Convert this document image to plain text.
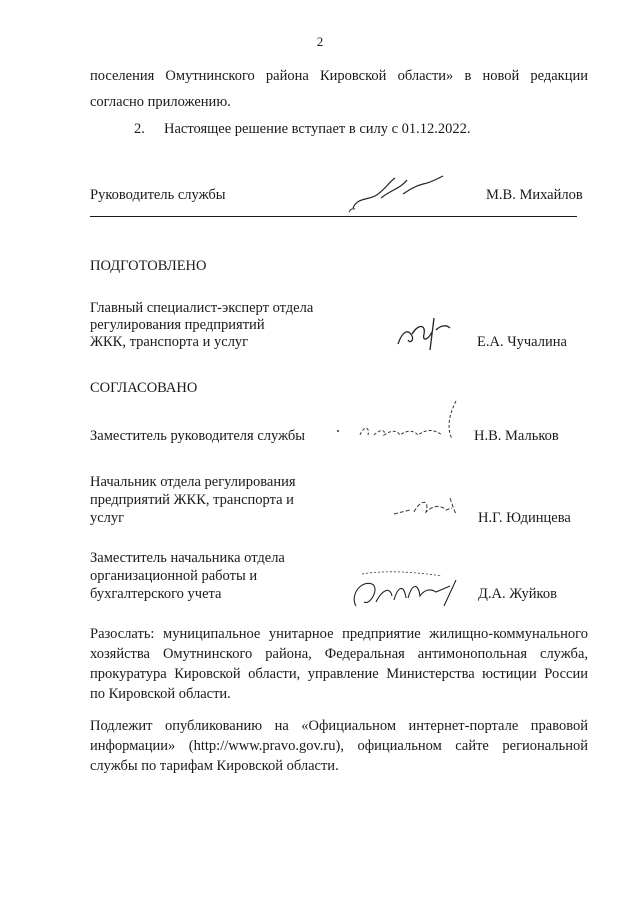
2
поселения Омутнинского района Кировской области» в новой редакции
согласно приложению.
2. Настоящее решение вступает в силу с 01.12.2022.
Руководитель службы	М.В. Михайлов
ПОДГОТОВЛЕНО
Главный специалист-эксперт отдела
регулирования предприятий
ЖКК, транспорта и услуг	Е.А. Чучалина
СОГЛАСОВАНО
Заместитель руководителя службы	Н.В. Мальков
Начальник отдела регулирования
предприятий ЖКК, транспорта и
услуг	Н.Г. Юдинцева
Заместитель начальника отдела
организационной работы и
бухгалтерского учета	Д.А. Жуйков
Разослать: муниципальное унитарное предприятие жилищно-коммунального
хозяйства Омутнинского района, Федеральная антимонопольная служба,
прокуратура Кировской области, управление Министерства юстиции России
по Кировской области.
Подлежит опубликованию на «Официальном интернет-портале правовой
информации» (http://www.pravo.gov.ru), официальном сайте региональной
службы по тарифам Кировской области.
